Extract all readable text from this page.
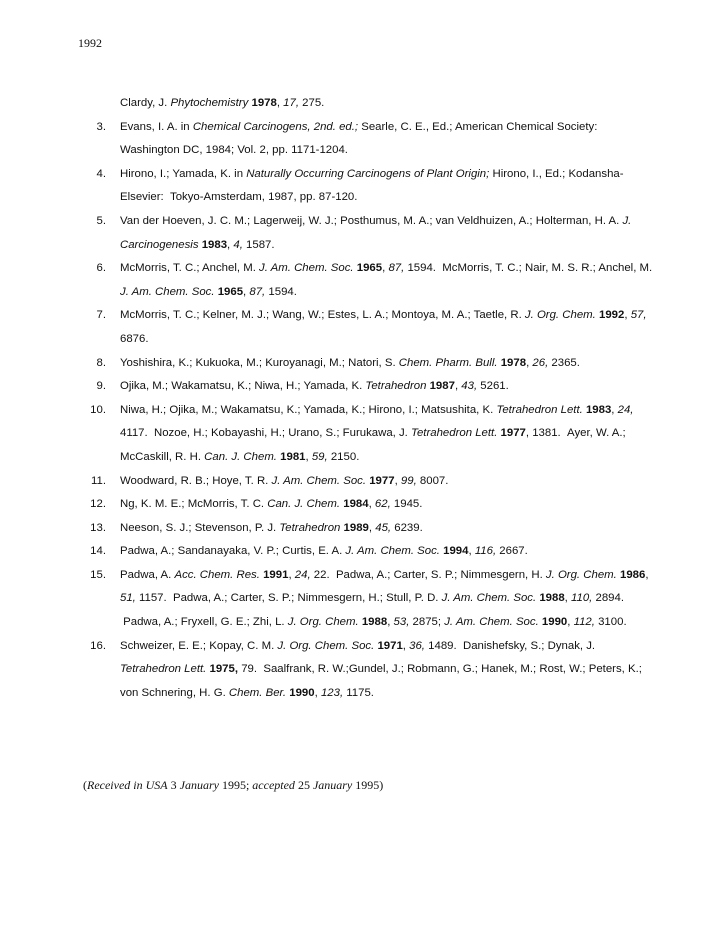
1992
Clardy, J. Phytochemistry 1978, 17, 275.
3. Evans, I. A. in Chemical Carcinogens, 2nd. ed.; Searle, C. E., Ed.; American Chemical Society: Washington DC, 1984; Vol. 2, pp. 1171-1204.
4. Hirono, I.; Yamada, K. in Naturally Occurring Carcinogens of Plant Origin; Hirono, I., Ed.; Kodansha-Elsevier:  Tokyo-Amsterdam, 1987, pp. 87-120.
5. Van der Hoeven, J. C. M.; Lagerweij, W. J.; Posthumus, M. A.; van Veldhuizen, A.; Holterman, H. A. J. Carcinogenesis 1983, 4, 1587.
6. McMorris, T. C.; Anchel, M. J. Am. Chem. Soc. 1965, 87, 1594.  McMorris, T. C.; Nair, M. S. R.; Anchel, M. J. Am. Chem. Soc. 1965, 87, 1594.
7. McMorris, T. C.; Kelner, M. J.; Wang, W.; Estes, L. A.; Montoya, M. A.; Taetle, R. J. Org. Chem. 1992, 57, 6876.
8. Yoshishira, K.; Kukuoka, M.; Kuroyanagi, M.; Natori, S. Chem. Pharm. Bull. 1978, 26, 2365.
9. Ojika, M.; Wakamatsu, K.; Niwa, H.; Yamada, K. Tetrahedron 1987, 43, 5261.
10. Niwa, H.; Ojika, M.; Wakamatsu, K.; Yamada, K.; Hirono, I.; Matsushita, K. Tetrahedron Lett. 1983, 24, 4117.  Nozoe, H.; Kobayashi, H.; Urano, S.; Furukawa, J. Tetrahedron Lett. 1977, 1381.  Ayer, W. A.; McCaskill, R. H. Can. J. Chem. 1981, 59, 2150.
11. Woodward, R. B.; Hoye, T. R. J. Am. Chem. Soc. 1977, 99, 8007.
12. Ng, K. M. E.; McMorris, T. C. Can. J. Chem. 1984, 62, 1945.
13. Neeson, S. J.; Stevenson, P. J. Tetrahedron 1989, 45, 6239.
14. Padwa, A.; Sandanayaka, V. P.; Curtis, E. A. J. Am. Chem. Soc. 1994, 116, 2667.
15. Padwa, A. Acc. Chem. Res. 1991, 24, 22.  Padwa, A.; Carter, S. P.; Nimmesgern, H. J. Org. Chem. 1986, 51, 1157.  Padwa, A.; Carter, S. P.; Nimmesgern, H.; Stull, P. D. J. Am. Chem. Soc. 1988, 110, 2894.  Padwa, A.; Fryxell, G. E.; Zhi, L. J. Org. Chem. 1988, 53, 2875; J. Am. Chem. Soc. 1990, 112, 3100.
16. Schweizer, E. E.; Kopay, C. M. J. Org. Chem. Soc. 1971, 36, 1489.  Danishefsky, S.; Dynak, J. Tetrahedron Lett. 1975, 79.  Saalfrank, R. W.;Gundel, J.; Robmann, G.; Hanek, M.; Rost, W.; Peters, K.; von Schnering, H. G. Chem. Ber. 1990, 123, 1175.
(Received in USA 3 January 1995; accepted 25 January 1995)
